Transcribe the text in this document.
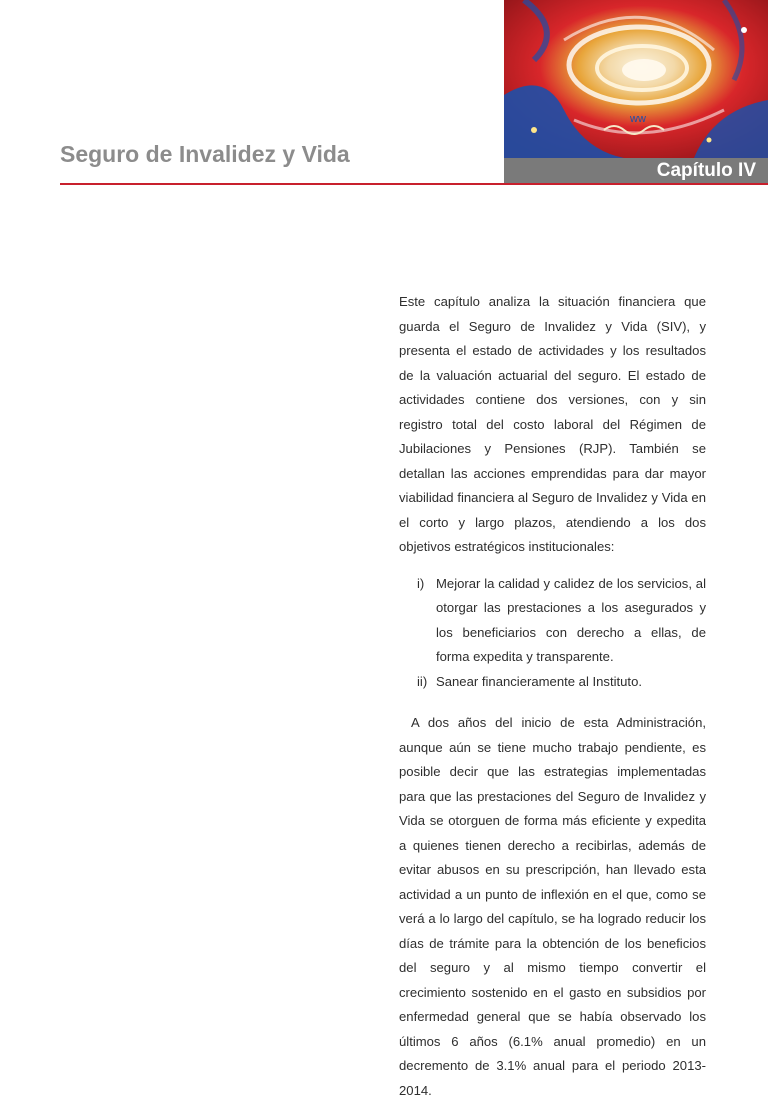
ww
Seguro de Invalidez y Vida
Capítulo IV

Este capítulo analiza la situación financiera que guarda el Seguro de Invalidez y Vida (SIV), y presenta el estado de actividades y los resultados de la valuación actuarial del seguro. El estado de actividades contiene dos versiones, con y sin registro total del costo laboral del Régimen de Jubilaciones y Pensiones (RJP). También se detallan las acciones emprendidas para dar mayor viabilidad financiera al Seguro de Invalidez y Vida en el corto y largo plazos, atendiendo a los dos objetivos estratégicos institucionales:

i) Mejorar la calidad y calidez de los servicios, al otorgar las prestaciones a los asegurados y los beneficiarios con derecho a ellas, de forma expedita y transparente.
ii) Sanear financieramente al Instituto.

A dos años del inicio de esta Administración, aunque aún se tiene mucho trabajo pendiente, es posible decir que las estrategias implementadas para que las prestaciones del Seguro de Invalidez y Vida se otorguen de forma más eficiente y expedita a quienes tienen derecho a recibirlas, además de evitar abusos en su prescripción, han llevado esta actividad a un punto de inflexión en el que, como se verá a lo largo del capítulo, se ha logrado reducir los días de trámite para la obtención de los beneficios del seguro y al mismo tiempo convertir el crecimiento sostenido en el gasto en subsidios por enfermedad general que se había observado los últimos 6 años (6.1% anual promedio) en un decremento de 3.1% anual para el periodo 2013-2014.
